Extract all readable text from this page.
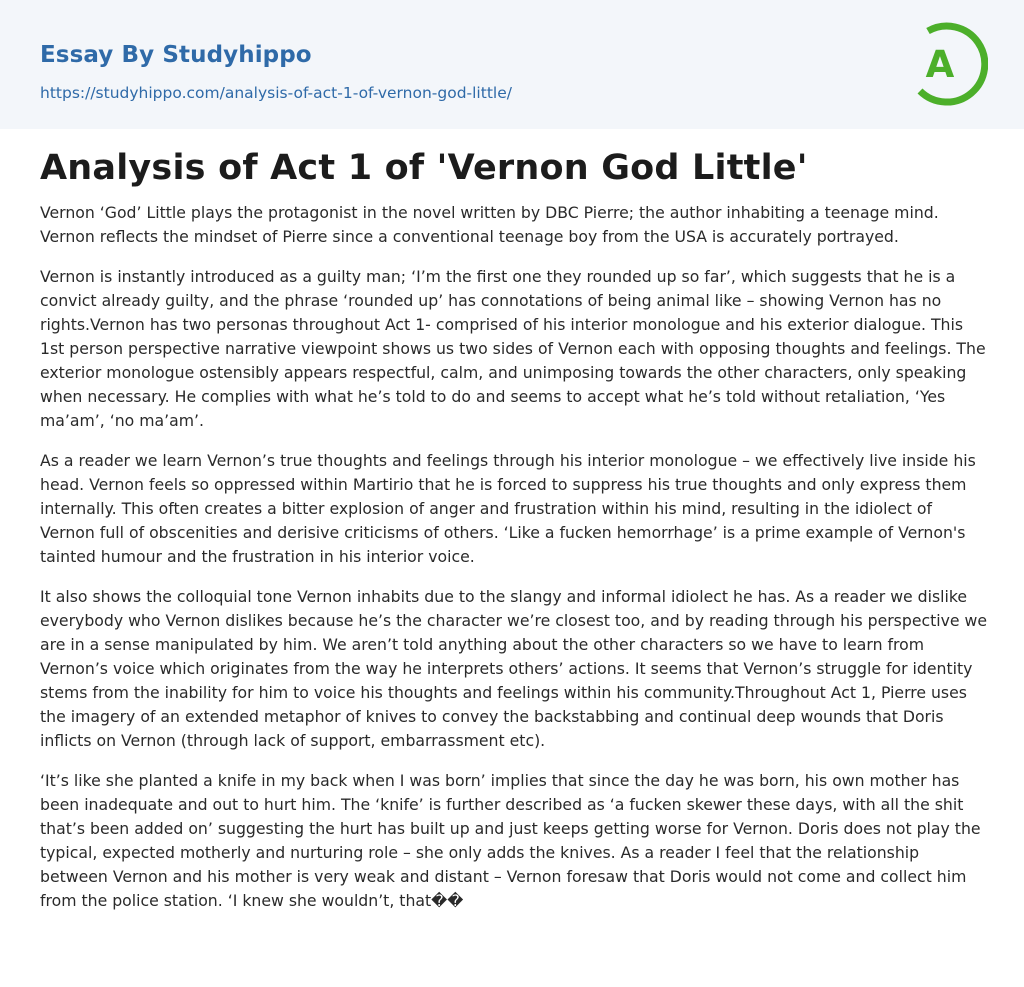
Essay By Studyhippo
https://studyhippo.com/analysis-of-act-1-of-vernon-god-little/
A
Analysis of Act 1 of 'Vernon God Little'

Vernon ‘God’ Little plays the protagonist in the novel written by DBC Pierre; the author inhabiting a teenage mind. Vernon reflects the mindset of Pierre since a conventional teenage boy from the USA is accurately portrayed.

Vernon is instantly introduced as a guilty man; ‘I’m the first one they rounded up so far’, which suggests that he is a convict already guilty, and the phrase ‘rounded up’ has connotations of being animal like – showing Vernon has no rights.Vernon has two personas throughout Act 1- comprised of his interior monologue and his exterior dialogue. This 1st person perspective narrative viewpoint shows us two sides of Vernon each with opposing thoughts and feelings. The exterior monologue ostensibly appears respectful, calm, and unimposing towards the other characters, only speaking when necessary. He complies with what he’s told to do and seems to accept what he’s told without retaliation, ‘Yes ma’am’, ‘no ma’am’.

As a reader we learn Vernon’s true thoughts and feelings through his interior monologue – we effectively live inside his head. Vernon feels so oppressed within Martirio that he is forced to suppress his true thoughts and only express them internally. This often creates a bitter explosion of anger and frustration within his mind, resulting in the idiolect of Vernon full of obscenities and derisive criticisms of others. ‘Like a fucken hemorrhage’ is a prime example of Vernon's tainted humour and the frustration in his interior voice.

It also shows the colloquial tone Vernon inhabits due to the slangy and informal idiolect he has. As a reader we dislike everybody who Vernon dislikes because he’s the character we’re closest too, and by reading through his perspective we are in a sense manipulated by him. We aren’t told anything about the other characters so we have to learn from Vernon’s voice which originates from the way he interprets others’ actions. It seems that Vernon’s struggle for identity stems from the inability for him to voice his thoughts and feelings within his community.Throughout Act 1, Pierre uses the imagery of an extended metaphor of knives to convey the backstabbing and continual deep wounds that Doris inflicts on Vernon (through lack of support, embarrassment etc).

‘It’s like she planted a knife in my back when I was born’ implies that since the day he was born, his own mother has been inadequate and out to hurt him. The ‘knife’ is further described as ‘a fucken skewer these days, with all the shit that’s been added on’ suggesting the hurt has built up and just keeps getting worse for Vernon. Doris does not play the typical, expected motherly and nurturing role – she only adds the knives. As a reader I feel that the relationship between Vernon and his mother is very weak and distant – Vernon foresaw that Doris would not come and collect him from the police station. ‘I knew she wouldn’t, that��
